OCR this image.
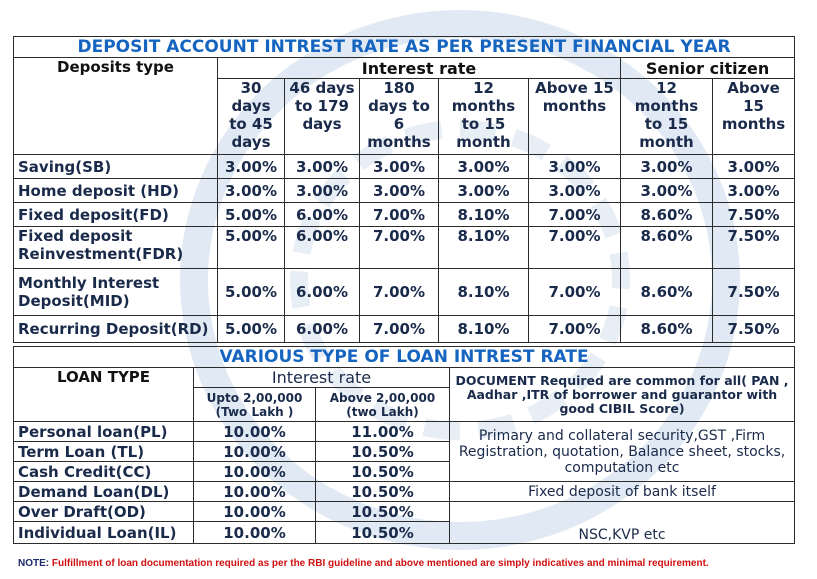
DEPOSIT ACCOUNT INTREST RATE AS PER PRESENT FINANCIAL YEAR							
Deposits type	Interest rate					Senior citizen	
	30 days to 45 days	46 days to 179 days	180 days to 6 months	12 months to 15 month	Above 15 months	12 months to 15 month	Above 15 months
Saving(SB)	3.00%	3.00%	3.00%	3.00%	3.00%	3.00%	3.00%
Home deposit (HD)	3.00%	3.00%	3.00%	3.00%	3.00%	3.00%	3.00%
Fixed deposit(FD)	5.00%	6.00%	7.00%	8.10%	7.00%	8.60%	7.50%
Fixed deposit Reinvestment(FDR)	5.00%	6.00%	7.00%	8.10%	7.00%	8.60%	7.50%
Monthly Interest Deposit(MID)	5.00%	6.00%	7.00%	8.10%	7.00%	8.60%	7.50%
Recurring Deposit(RD)	5.00%	6.00%	7.00%	8.10%	7.00%	8.60%	7.50%
VARIOUS TYPE OF LOAN INTREST RATE			
LOAN TYPE	Interest rate		DOCUMENT Required are common for all( PAN , Aadhar ,ITR of borrower and guarantor with good CIBIL Score)
	Upto 2,00,000 (Two Lakh )	Above 2,00,000 (two Lakh)	
Personal loan(PL)	10.00%	11.00%	Primary and collateral security,GST ,Firm Registration, quotation, Balance sheet, stocks, computation etc
Term Loan (TL)	10.00%	10.50%	
Cash Credit(CC)	10.00%	10.50%	
Demand Loan(DL)	10.00%	10.50%	Fixed deposit of bank itself
Over Draft(OD)	10.00%	10.50%	NSC,KVP etc
Individual Loan(IL)	10.00%	10.50%	
NOTE: Fulfillment of loan documentation required as per the RBI guideline and above mentioned are simply indicatives and minimal requirement.
